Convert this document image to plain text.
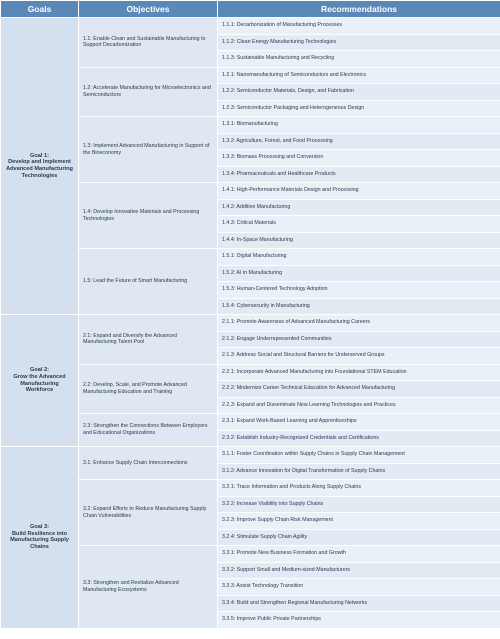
Goals	Objectives	Recommendations

Goal 1:
Develop and Implement Advanced Manufacturing Technologies	1.1: Enable Clean and Sustainable Manufacturing to Support Decarbonization	1.1.1: Decarbonization of Manufacturing Processes
		1.1.2: Clean Energy Manufacturing Technologies
		1.1.3: Sustainable Manufacturing and Recycling
	1.2: Accelerate Manufacturing for Microelectronics and Semiconductors	1.2.1: Nanomanufacturing of Semiconductors and Electronics
		1.2.2: Semiconductor Materials, Design, and Fabrication
		1.2.3: Semiconductor Packaging and Heterogeneous Design
	1.3: Implement Advanced Manufacturing in Support of the Bioeconomy	1.3.1: Biomanufacturing
		1.3.2: Agriculture, Forest, and Food Processing
		1.3.3: Biomass Processing and Conversion
		1.3.4: Pharmaceuticals and Healthcare Products
	1.4: Develop Innovative Materials and Processing Technologies	1.4.1: High-Performance Materials Design and Processing
		1.4.2: Additive Manufacturing
		1.4.3: Critical Materials
		1.4.4: In-Space Manufacturing
	1.5: Lead the Future of Smart Manufacturing	1.5.1: Digital Manufacturing
		1.5.2: AI in Manufacturing
		1.5.3: Human-Centered Technology Adoption
		1.5.4: Cybersecurity in Manufacturing

Goal 2:
Grow the Advanced Manufacturing Workforce	2.1: Expand and Diversify the Advanced Manufacturing Talent Pool	2.1.1: Promote Awareness of Advanced Manufacturing Careers
		2.1.2: Engage Underrepresented Communities
		2.1.3: Address Social and Structural Barriers for Underserved Groups
	2.2: Develop, Scale, and Promote Advanced Manufacturing Education and Training	2.2.1: Incorporate Advanced Manufacturing into Foundational STEM Education
		2.2.2: Modernize Career Technical Education for Advanced Manufacturing
		2.2.3: Expand and Disseminate New Learning Technologies and Practices
	2.3: Strengthen the Connections Between Employers and Educational Organizations	2.3.1: Expand Work-Based Learning and Apprenticeships
		2.3.2: Establish Industry-Recognized Credentials and Certifications

Goal 3:
Build Resilience into Manufacturing Supply Chains	3.1: Enhance Supply Chain Interconnections	3.1.1: Foster Coordination within Supply Chains in Supply Chain Management
		3.1.2: Advance Innovation for Digital Transformation of Supply Chains
	3.2: Expand Efforts to Reduce Manufacturing Supply Chain Vulnerabilities	3.2.1: Trace Information and Products Along Supply Chains
		3.2.2: Increase Visibility into Supply Chains
		3.2.3: Improve Supply Chain Risk Management
		3.2.4: Stimulate Supply Chain Agility
	3.3: Strengthen and Revitalize Advanced Manufacturing Ecosystems	3.3.1: Promote New Business Formation and Growth
		3.3.2: Support Small and Medium-sized Manufacturers
		3.3.3: Assist Technology Transition
		3.3.4: Build and Strengthen Regional Manufacturing Networks
		3.3.5: Improve Public Private Partnerships
